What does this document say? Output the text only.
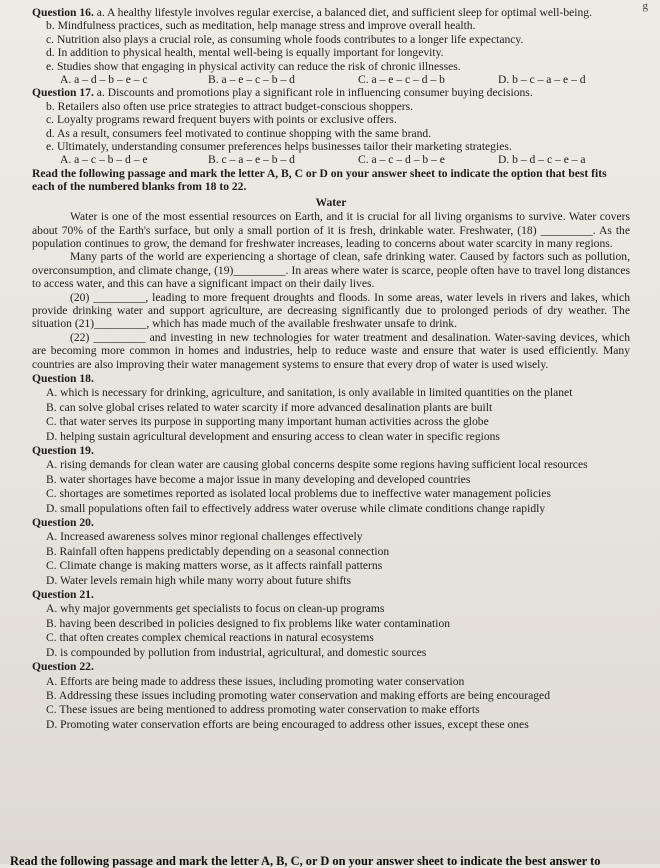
g

Question 16. a. A healthy lifestyle involves regular exercise, a balanced diet, and sufficient sleep for optimal well-being.

b. Mindfulness practices, such as meditation, help manage stress and improve overall health.

c. Nutrition also plays a crucial role, as consuming whole foods contributes to a longer life expectancy.

d. In addition to physical health, mental well-being is equally important for longevity.

e. Studies show that engaging in physical activity can reduce the risk of chronic illnesses.

A. a – d – b – e – c	B. a – e – c – b – d	C. a – e – c – d – b	D. b – c – a – e – d

Question 17. a. Discounts and promotions play a significant role in influencing consumer buying decisions.

b. Retailers also often use price strategies to attract budget-conscious shoppers.

c. Loyalty programs reward frequent buyers with points or exclusive offers.

d. As a result, consumers feel motivated to continue shopping with the same brand.

e. Ultimately, understanding consumer preferences helps businesses tailor their marketing strategies.

A. a – c – b – d – e	B. c – a – e – b – d	C. a – c – d – b – e	D. b – d – c – e – a

Read the following passage and mark the letter A, B, C or D on your answer sheet to indicate the option that best fits each of the numbered blanks from 18 to 22.

Water

Water is one of the most essential resources on Earth, and it is crucial for all living organisms to survive. Water covers about 70% of the Earth's surface, but only a small portion of it is fresh, drinkable water. Freshwater, (18) _________. As the population continues to grow, the demand for freshwater increases, leading to concerns about water scarcity in many regions.

Many parts of the world are experiencing a shortage of clean, safe drinking water. Caused by factors such as pollution, overconsumption, and climate change, (19)_________. In areas where water is scarce, people often have to travel long distances to access water, and this can have a significant impact on their daily lives.

(20) _________, leading to more frequent droughts and floods. In some areas, water levels in rivers and lakes, which provide drinking water and support agriculture, are decreasing significantly due to prolonged periods of dry weather. The situation (21)_________, which has made much of the available freshwater unsafe to drink.

(22) _________ and investing in new technologies for water treatment and desalination. Water-saving devices, which are becoming more common in homes and industries, help to reduce waste and ensure that water is used efficiently. Many countries are also improving their water management systems to ensure that every drop of water is used wisely.

Question 18.

A. which is necessary for drinking, agriculture, and sanitation, is only available in limited quantities on the planet

B. can solve global crises related to water scarcity if more advanced desalination plants are built

C. that water serves its purpose in supporting many important human activities across the globe

D. helping sustain agricultural development and ensuring access to clean water in specific regions

Question 19.

A. rising demands for clean water are causing global concerns despite some regions having sufficient local resources

B. water shortages have become a major issue in many developing and developed countries

C. shortages are sometimes reported as isolated local problems due to ineffective water management policies

D. small populations often fail to effectively address water overuse while climate conditions change rapidly

Question 20.

A. Increased awareness solves minor regional challenges effectively

B. Rainfall often happens predictably depending on a seasonal connection

C. Climate change is making matters worse, as it affects rainfall patterns

D. Water levels remain high while many worry about future shifts

Question 21.

A. why major governments get specialists to focus on clean-up programs

B. having been described in policies designed to fix problems like water contamination

C. that often creates complex chemical reactions in natural ecosystems

D. is compounded by pollution from industrial, agricultural, and domestic sources

Question 22.

A. Efforts are being made to address these issues, including promoting water conservation

B. Addressing these issues including promoting water conservation and making efforts are being encouraged

C. These issues are being mentioned to address promoting water conservation to make efforts

D. Promoting water conservation efforts are being encouraged to address other issues, except these ones

Read the following passage and mark the letter A, B, C, or D on your answer sheet to indicate the best answer to
